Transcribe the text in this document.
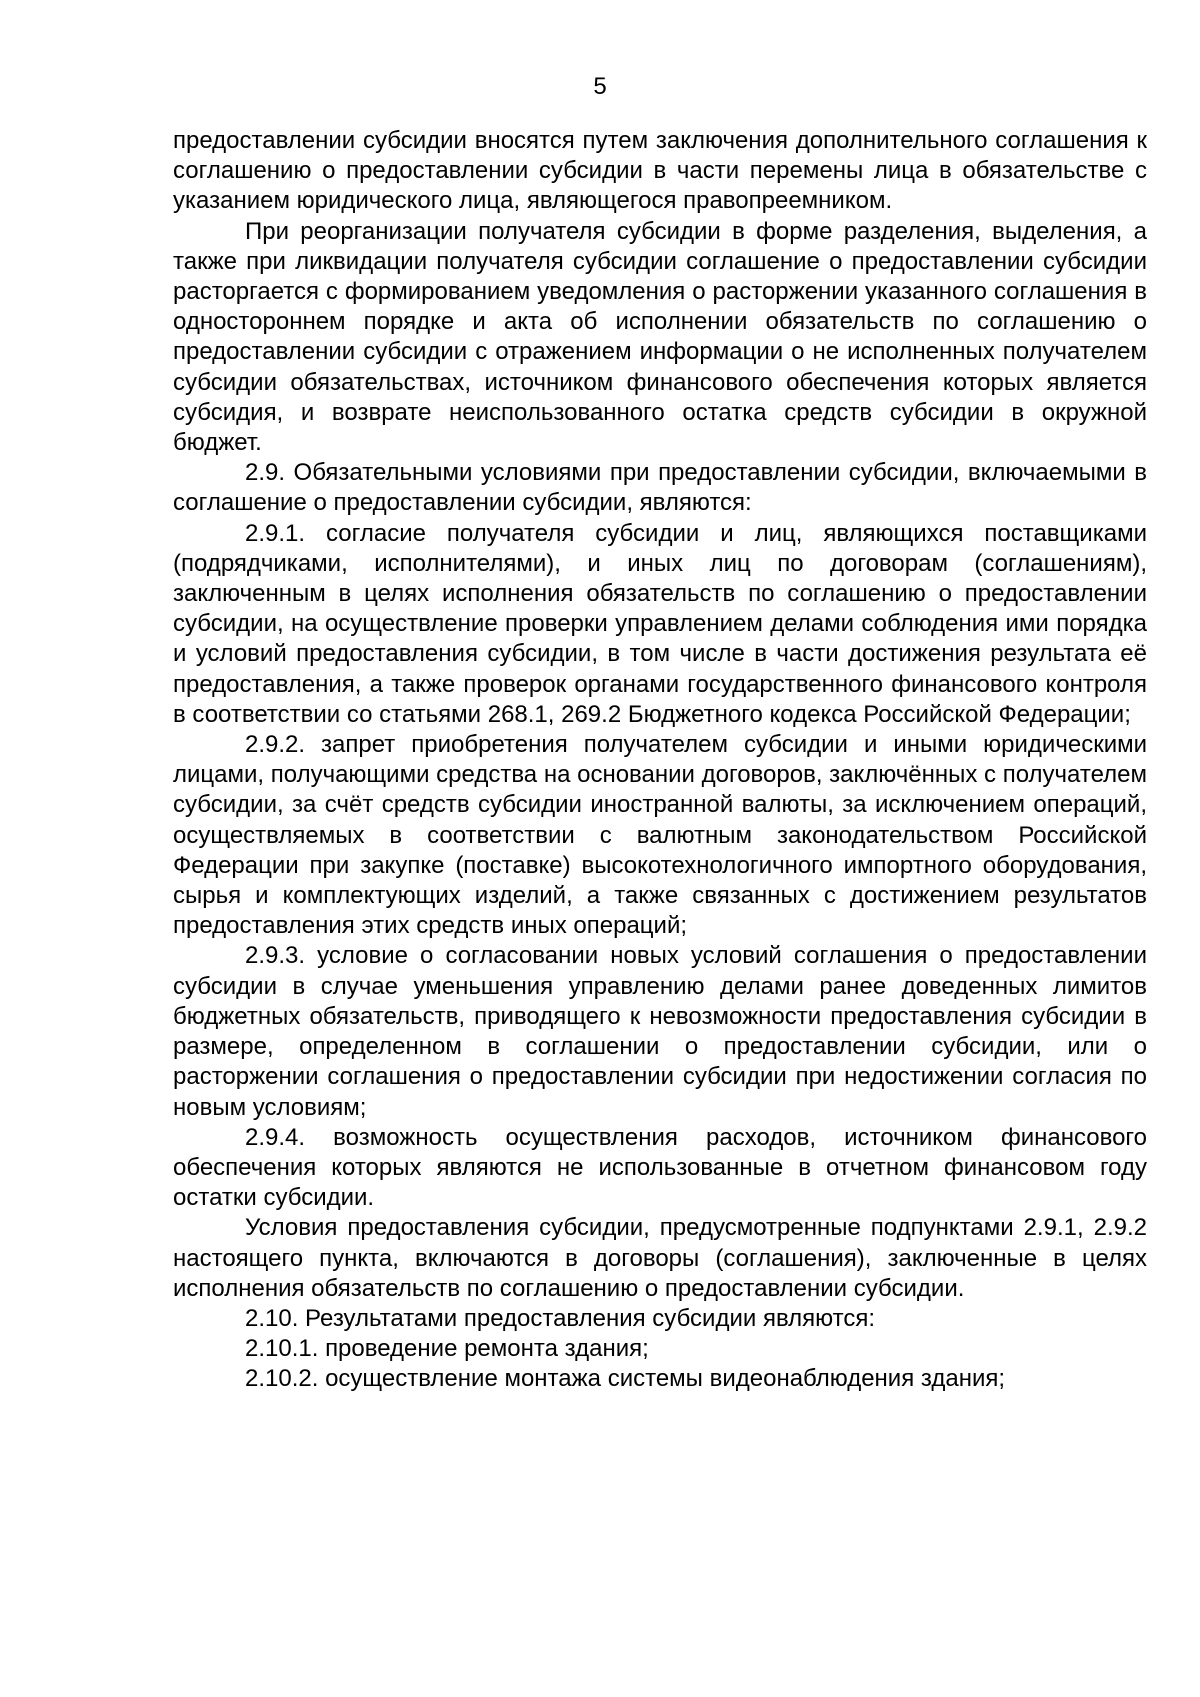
5

предоставлении субсидии вносятся путем заключения дополнительного соглашения к соглашению о предоставлении субсидии в части перемены лица в обязательстве с указанием юридического лица, являющегося правопреемником.

При реорганизации получателя субсидии в форме разделения, выделения, а также при ликвидации получателя субсидии соглашение о предоставлении субсидии расторгается с формированием уведомления о расторжении указанного соглашения в одностороннем порядке и акта об исполнении обязательств по соглашению о предоставлении субсидии с отражением информации о не исполненных получателем субсидии обязательствах, источником финансового обеспечения которых является субсидия, и возврате неиспользованного остатка средств субсидии в окружной бюджет.

2.9. Обязательными условиями при предоставлении субсидии, включаемыми в соглашение о предоставлении субсидии, являются:

2.9.1. согласие получателя субсидии и лиц, являющихся поставщиками (подрядчиками, исполнителями), и иных лиц по договорам (соглашениям), заключенным в целях исполнения обязательств по соглашению о предоставлении субсидии, на осуществление проверки управлением делами соблюдения ими порядка и условий предоставления субсидии, в том числе в части достижения результата её предоставления, а также проверок органами государственного финансового контроля в соответствии со статьями 268.1, 269.2 Бюджетного кодекса Российской Федерации;

2.9.2. запрет приобретения получателем субсидии и иными юридическими лицами, получающими средства на основании договоров, заключённых с получателем субсидии, за счёт средств субсидии иностранной валюты, за исключением операций, осуществляемых в соответствии с валютным законодательством Российской Федерации при закупке (поставке) высокотехнологичного импортного оборудования, сырья и комплектующих изделий, а также связанных с достижением результатов предоставления этих средств иных операций;

2.9.3. условие о согласовании новых условий соглашения о предоставлении субсидии в случае уменьшения управлению делами ранее доведенных лимитов бюджетных обязательств, приводящего к невозможности предоставления субсидии в размере, определенном в соглашении о предоставлении субсидии, или о расторжении соглашения о предоставлении субсидии при недостижении согласия по новым условиям;

2.9.4. возможность осуществления расходов, источником финансового обеспечения которых являются не использованные в отчетном финансовом году остатки субсидии.

Условия предоставления субсидии, предусмотренные подпунктами 2.9.1, 2.9.2 настоящего пункта, включаются в договоры (соглашения), заключенные в целях исполнения обязательств по соглашению о предоставлении субсидии.

2.10. Результатами предоставления субсидии являются:

2.10.1. проведение ремонта здания;

2.10.2. осуществление монтажа системы видеонаблюдения здания;
